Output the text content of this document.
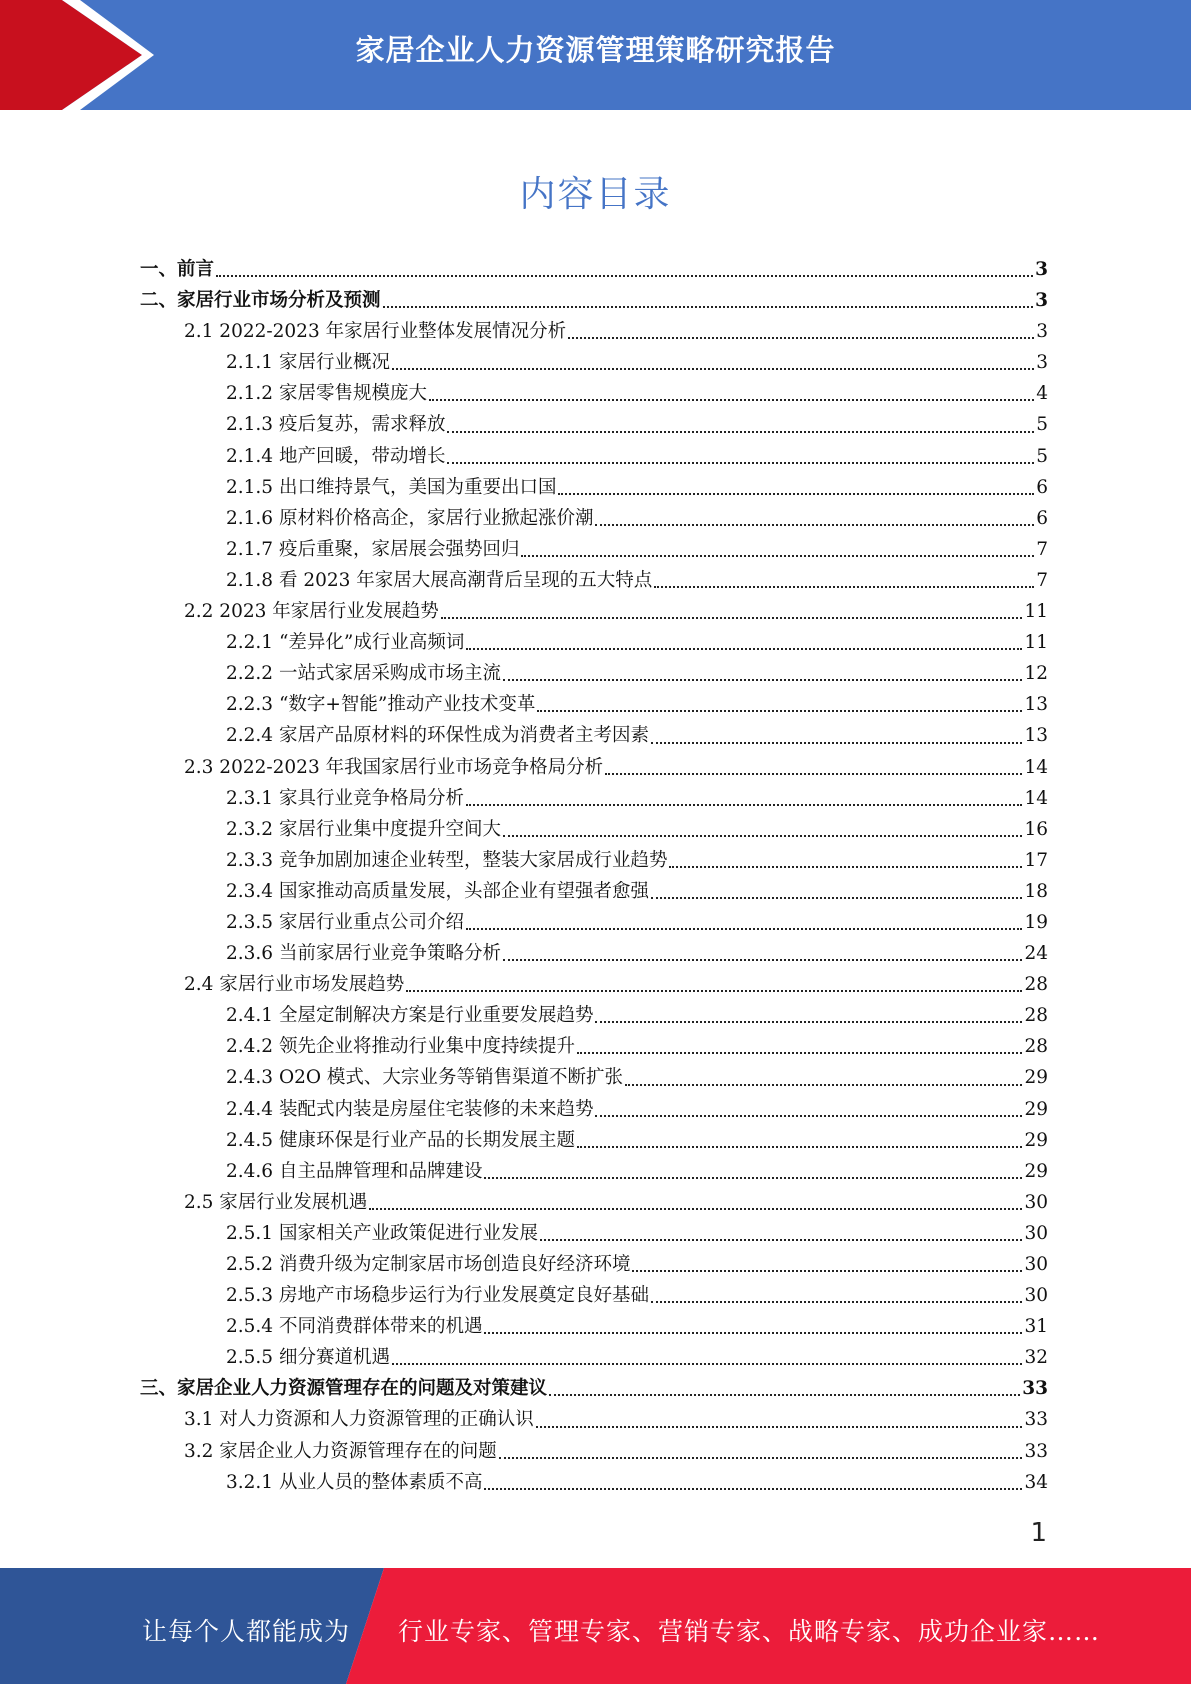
家居企业人力资源管理策略研究报告
内容目录
一、前言	3
二、家居行业市场分析及预测	3
2.1 2022-2023 年家居行业整体发展情况分析	3
2.1.1 家居行业概况	3
2.1.2 家居零售规模庞大	4
2.1.3 疫后复苏，需求释放	5
2.1.4 地产回暖，带动增长	5
2.1.5 出口维持景气，美国为重要出口国	6
2.1.6 原材料价格高企，家居行业掀起涨价潮	6
2.1.7 疫后重聚，家居展会强势回归	7
2.1.8 看 2023 年家居大展高潮背后呈现的五大特点	7
2.2 2023 年家居行业发展趋势	11
2.2.1 “差异化”成行业高频词	11
2.2.2 一站式家居采购成市场主流	12
2.2.3 “数字+智能”推动产业技术变革	13
2.2.4 家居产品原材料的环保性成为消费者主考因素	13
2.3 2022-2023 年我国家居行业市场竞争格局分析	14
2.3.1 家具行业竞争格局分析	14
2.3.2 家居行业集中度提升空间大	16
2.3.3 竞争加剧加速企业转型，整装大家居成行业趋势	17
2.3.4 国家推动高质量发展，头部企业有望强者愈强	18
2.3.5 家居行业重点公司介绍	19
2.3.6 当前家居行业竞争策略分析	24
2.4 家居行业市场发展趋势	28
2.4.1 全屋定制解决方案是行业重要发展趋势	28
2.4.2 领先企业将推动行业集中度持续提升	28
2.4.3 O2O 模式、大宗业务等销售渠道不断扩张	29
2.4.4 装配式内装是房屋住宅装修的未来趋势	29
2.4.5 健康环保是行业产品的长期发展主题	29
2.4.6 自主品牌管理和品牌建设	29
2.5 家居行业发展机遇	30
2.5.1 国家相关产业政策促进行业发展	30
2.5.2 消费升级为定制家居市场创造良好经济环境	30
2.5.3 房地产市场稳步运行为行业发展奠定良好基础	30
2.5.4 不同消费群体带来的机遇	31
2.5.5 细分赛道机遇	32
三、家居企业人力资源管理存在的问题及对策建议	33
3.1 对人力资源和人力资源管理的正确认识	33
3.2 家居企业人力资源管理存在的问题	33
3.2.1 从业人员的整体素质不高	34
1
让每个人都能成为 行业专家、管理专家、营销专家、战略专家、成功企业家……
